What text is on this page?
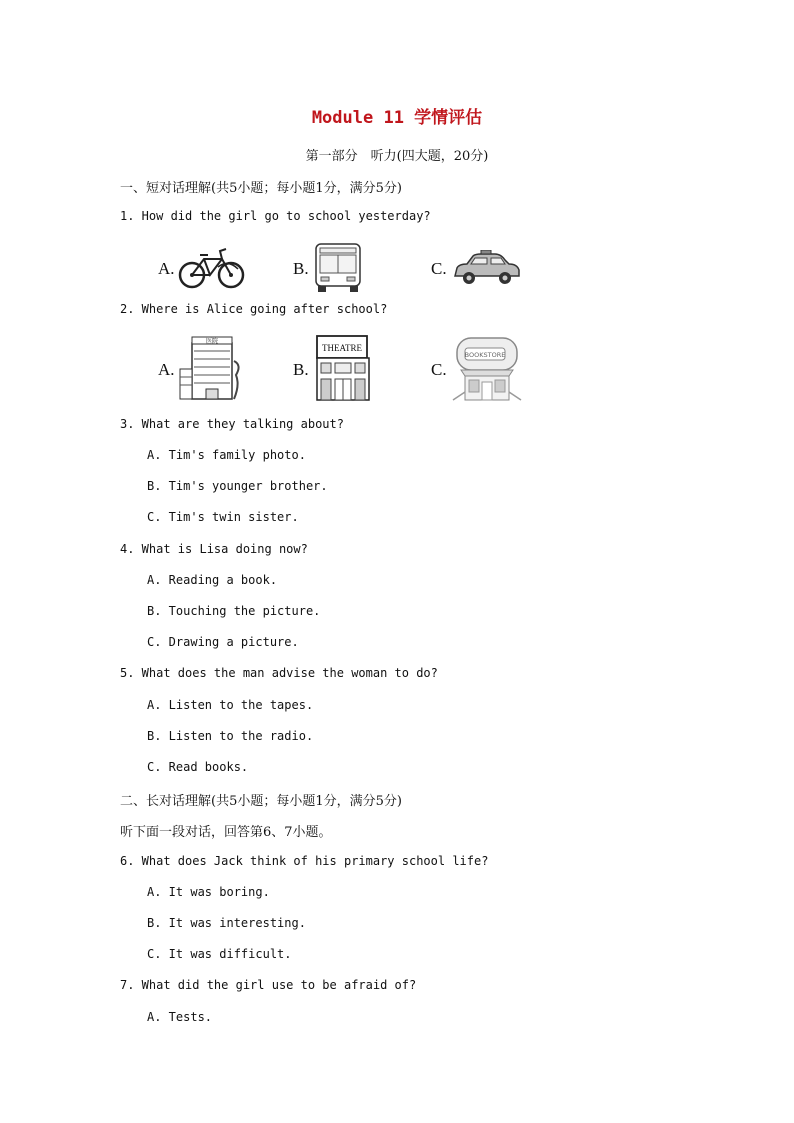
Module 11 学情评估
第一部分　听力(四大题，20分)
一、短对话理解(共5小题；每小题1分，满分5分)
1. How did the girl go to school yesterday?
A.	B.	C.
2. Where is Alice going after school?
A.
医院
B.
THEATRE
C.
BOOKSTORE
3. What are they talking about?
A. Tim's family photo.
B. Tim's younger brother.
C. Tim's twin sister.
4. What is Lisa doing now?
A. Reading a book.
B. Touching the picture.
C. Drawing a picture.
5. What does the man advise the woman to do?
A. Listen to the tapes.
B. Listen to the radio.
C. Read books.
二、长对话理解(共5小题；每小题1分，满分5分)
听下面一段对话，回答第6、7小题。
6. What does Jack think of his primary school life?
A. It was boring.
B. It was interesting.
C. It was difficult.
7. What did the girl use to be afraid of?
A. Tests.
